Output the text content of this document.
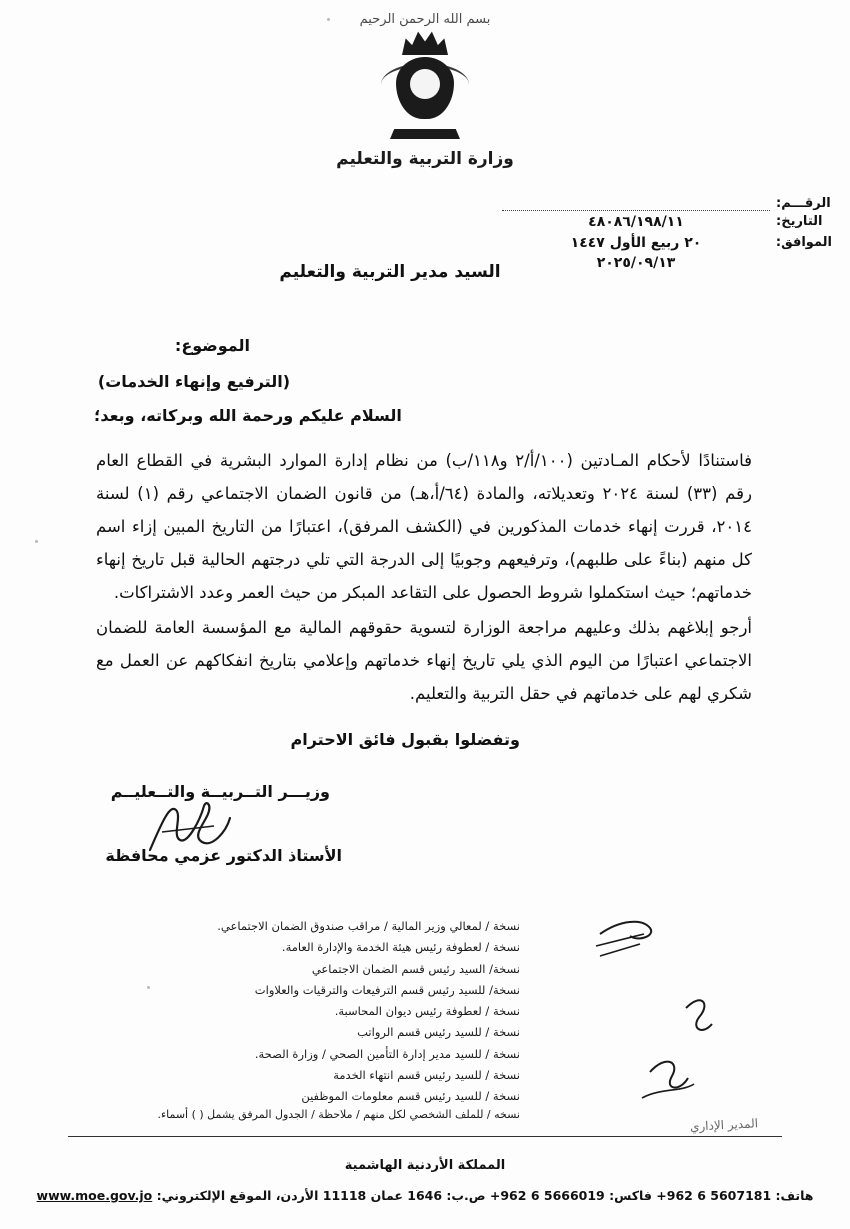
بسم الله الرحمن الرحيم
وزارة التربية والتعليم
الرقـــم:
التاريخ:
٤٨٠٨٦/١٩٨/١١
الموافق:
٢٠ ربيع الأول ١٤٤٧
٢٠٢٥/٠٩/١٣
السيد مدير التربية والتعليم
الموضوع:
(الترفيع وإنهاء الخدمات)
السلام عليكم ورحمة الله وبركاته، وبعد؛

فاستنادًا لأحكام المـادتين (١٠٠/أ/٢ و١١٨/ب) من نظام إدارة الموارد البشرية في القطاع العام رقم (٣٣) لسنة ٢٠٢٤ وتعديلاته، والمادة (٦٤/أ،هـ) من قانون الضمان الاجتماعي رقم (١) لسنة ٢٠١٤، قررت إنهاء خدمات المذكورين في (الكشف المرفق)، اعتبارًا من التاريخ المبين إزاء اسم كل منهم (بناءً على طلبهم)، وترفيعهم وجوبيًا إلى الدرجة التي تلي درجتهم الحالية قبل تاريخ إنهاء خدماتهم؛ حيث استكملوا شروط الحصول على التقاعد المبكر من حيث العمر وعدد الاشتراكات.

أرجو إبلاغهم بذلك وعليهم مراجعة الوزارة لتسوية حقوقهم المالية مع المؤسسة العامة للضمان الاجتماعي اعتبارًا من اليوم الذي يلي تاريخ إنهاء خدماتهم وإعلامي بتاريخ انفكاكهم عن العمل مع شكري لهم على خدماتهم في حقل التربية والتعليم.

وتفضلوا بقبول فائق الاحترام
وزيـــر التــربيــة والتــعليــم
الأستاذ الدكتور عزمي محافظة
نسخة / لمعالي وزير المالية / مراقب صندوق الضمان الاجتماعي.
نسخة / لعطوفة رئيس هيئة الخدمة والإدارة العامة.
نسخة/ السيد رئيس قسم الضمان الاجتماعي
نسخة/ للسيد رئيس قسم الترفيعات والترقيات والعلاوات
نسخة / لعطوفة رئيس ديوان المحاسبة.
نسخة / للسيد رئيس قسم الرواتب
نسخة / للسيد مدير إدارة التأمين الصحي / وزارة الصحة.
نسخة / للسيد رئيس قسم انتهاء الخدمة
نسخة / للسيد رئيس قسم معلومات الموظفين
نسخه / للملف الشخصي لكل منهم / ملاحظة / الجدول المرفق يشمل ( ) أسماء.
المدير الإداري
المملكة الأردنية الهاشمية
هاتف: 5607181 6 962+ فاكس: 5666019 6 962+ ص.ب: 1646 عمان 11118 الأردن، الموقع الإلكتروني: www.moe.gov.jo
